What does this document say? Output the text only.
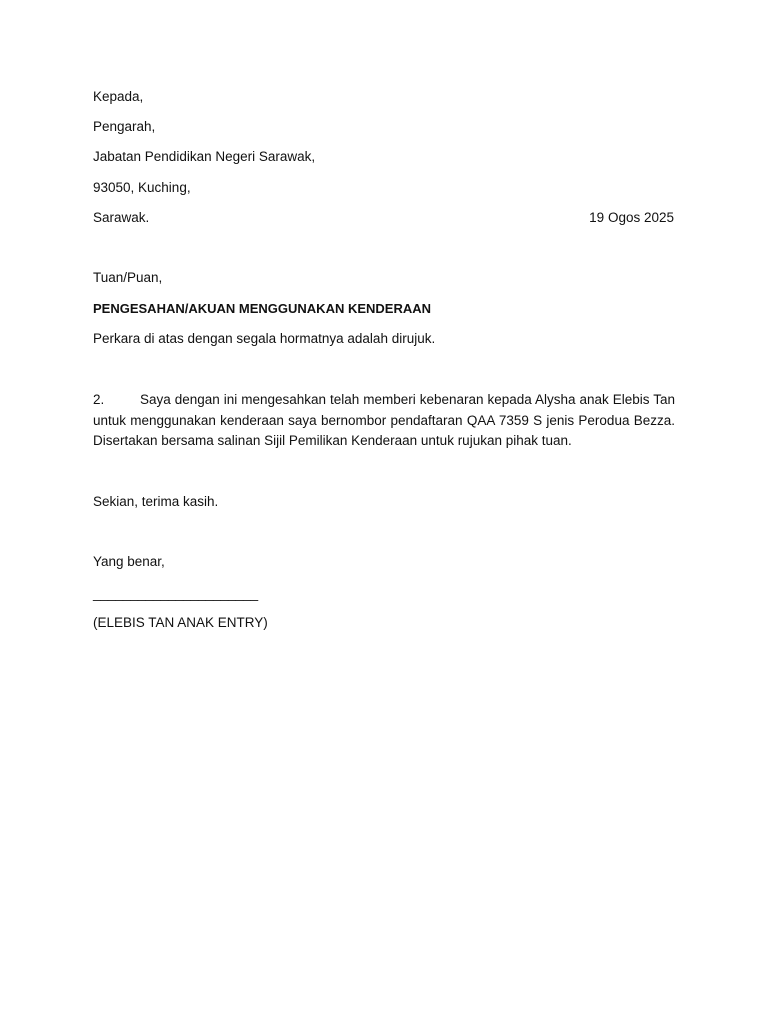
Kepada,
Pengarah,
Jabatan Pendidikan Negeri Sarawak,
93050, Kuching,
Sarawak.	19 Ogos 2025
Tuan/Puan,
PENGESAHAN/AKUAN MENGGUNAKAN KENDERAAN
Perkara di atas dengan segala hormatnya adalah dirujuk.
2.	Saya dengan ini mengesahkan telah memberi kebenaran kepada Alysha anak Elebis Tan untuk menggunakan kenderaan saya bernombor pendaftaran QAA 7359 S jenis Perodua Bezza. Disertakan bersama salinan Sijil Pemilikan Kenderaan untuk rujukan pihak tuan.
Sekian, terima kasih.
Yang benar,
______________________
(ELEBIS TAN ANAK ENTRY)
